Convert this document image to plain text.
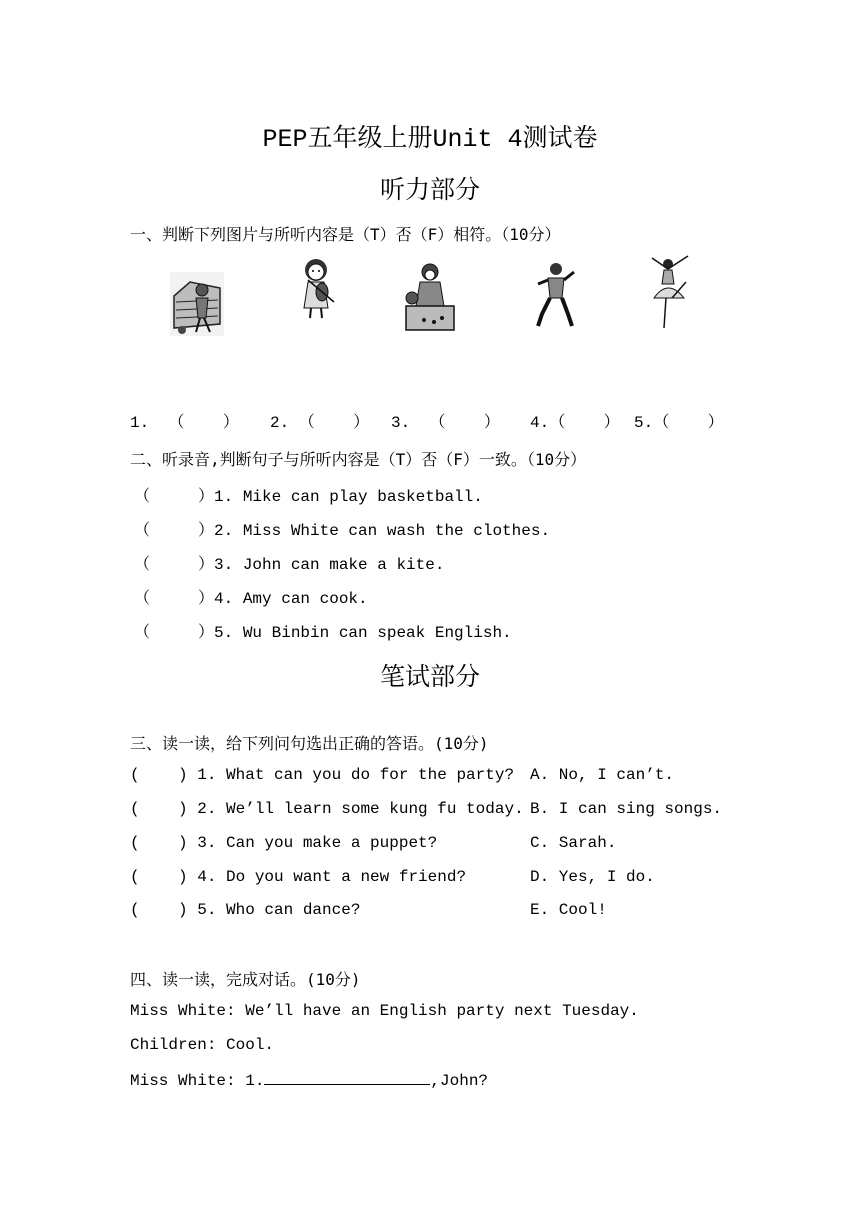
PEP五年级上册Unit 4测试卷
听力部分
一、判断下列图片与所听内容是（T）否（F）相符。（10分）
1.  （    ） 2. （    ） 3.  （    ） 4.（    ） 5.（    ）
二、听录音,判断句子与所听内容是（T）否（F）一致。（10分）
（     ）1. Mike can play basketball.
（     ）2. Miss White can wash the clothes.
（     ）3. John can make a kite.
（     ）4. Amy can cook.
（     ）5. Wu Binbin can speak English.
笔试部分
三、读一读，给下列问句选出正确的答语。(10分)
(    ) 1. What can you do for the party?
(    ) 2. We’ll learn some kung fu today.
(    ) 3. Can you make a puppet?
(    ) 4. Do you want a new friend?
(    ) 5. Who can dance?
A. No, I can’t.
B. I can sing songs.
C. Sarah.
D. Yes, I do.
E. Cool!
四、读一读，完成对话。(10分)
Miss White: We’ll have an English party next Tuesday.
Children: Cool.
Miss White: 1.	,John?
